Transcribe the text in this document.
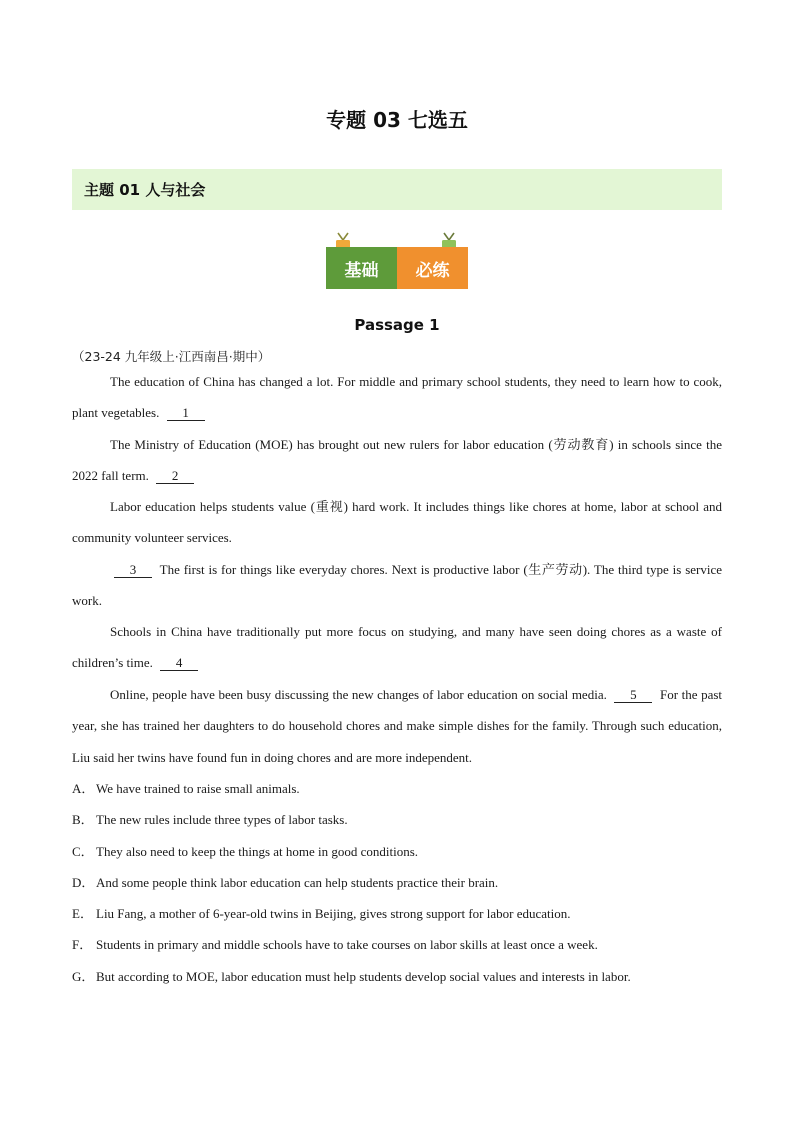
专题 03 七选五
主题 01 人与社会
基础	必练
Passage 1
（23-24 九年级上·江西南昌·期中）

The education of China has changed a lot. For middle and primary school students, they need to learn how to cook, plant vegetables. 1

The Ministry of Education (MOE) has brought out new rulers for labor education (劳动教育) in schools since the 2022 fall term. 2

Labor education helps students value (重视) hard work. It includes things like chores at home, labor at school and community volunteer services.

3 The first is for things like everyday chores. Next is productive labor (生产劳动). The third type is service work.

Schools in China have traditionally put more focus on studying, and many have seen doing chores as a waste of children’s time. 4

Online, people have been busy discussing the new changes of labor education on social media. 5 For the past year, she has trained her daughters to do household chores and make simple dishes for the family. Through such education, Liu said her twins have found fun in doing chores and are more independent.

A． We have trained to raise small animals.
B． The new rules include three types of labor tasks.
C． They also need to keep the things at home in good conditions.
D． And some people think labor education can help students practice their brain.
E． Liu Fang, a mother of 6-year-old twins in Beijing, gives strong support for labor education.
F． Students in primary and middle schools have to take courses on labor skills at least once a week.
G． But according to MOE, labor education must help students develop social values and interests in labor.
